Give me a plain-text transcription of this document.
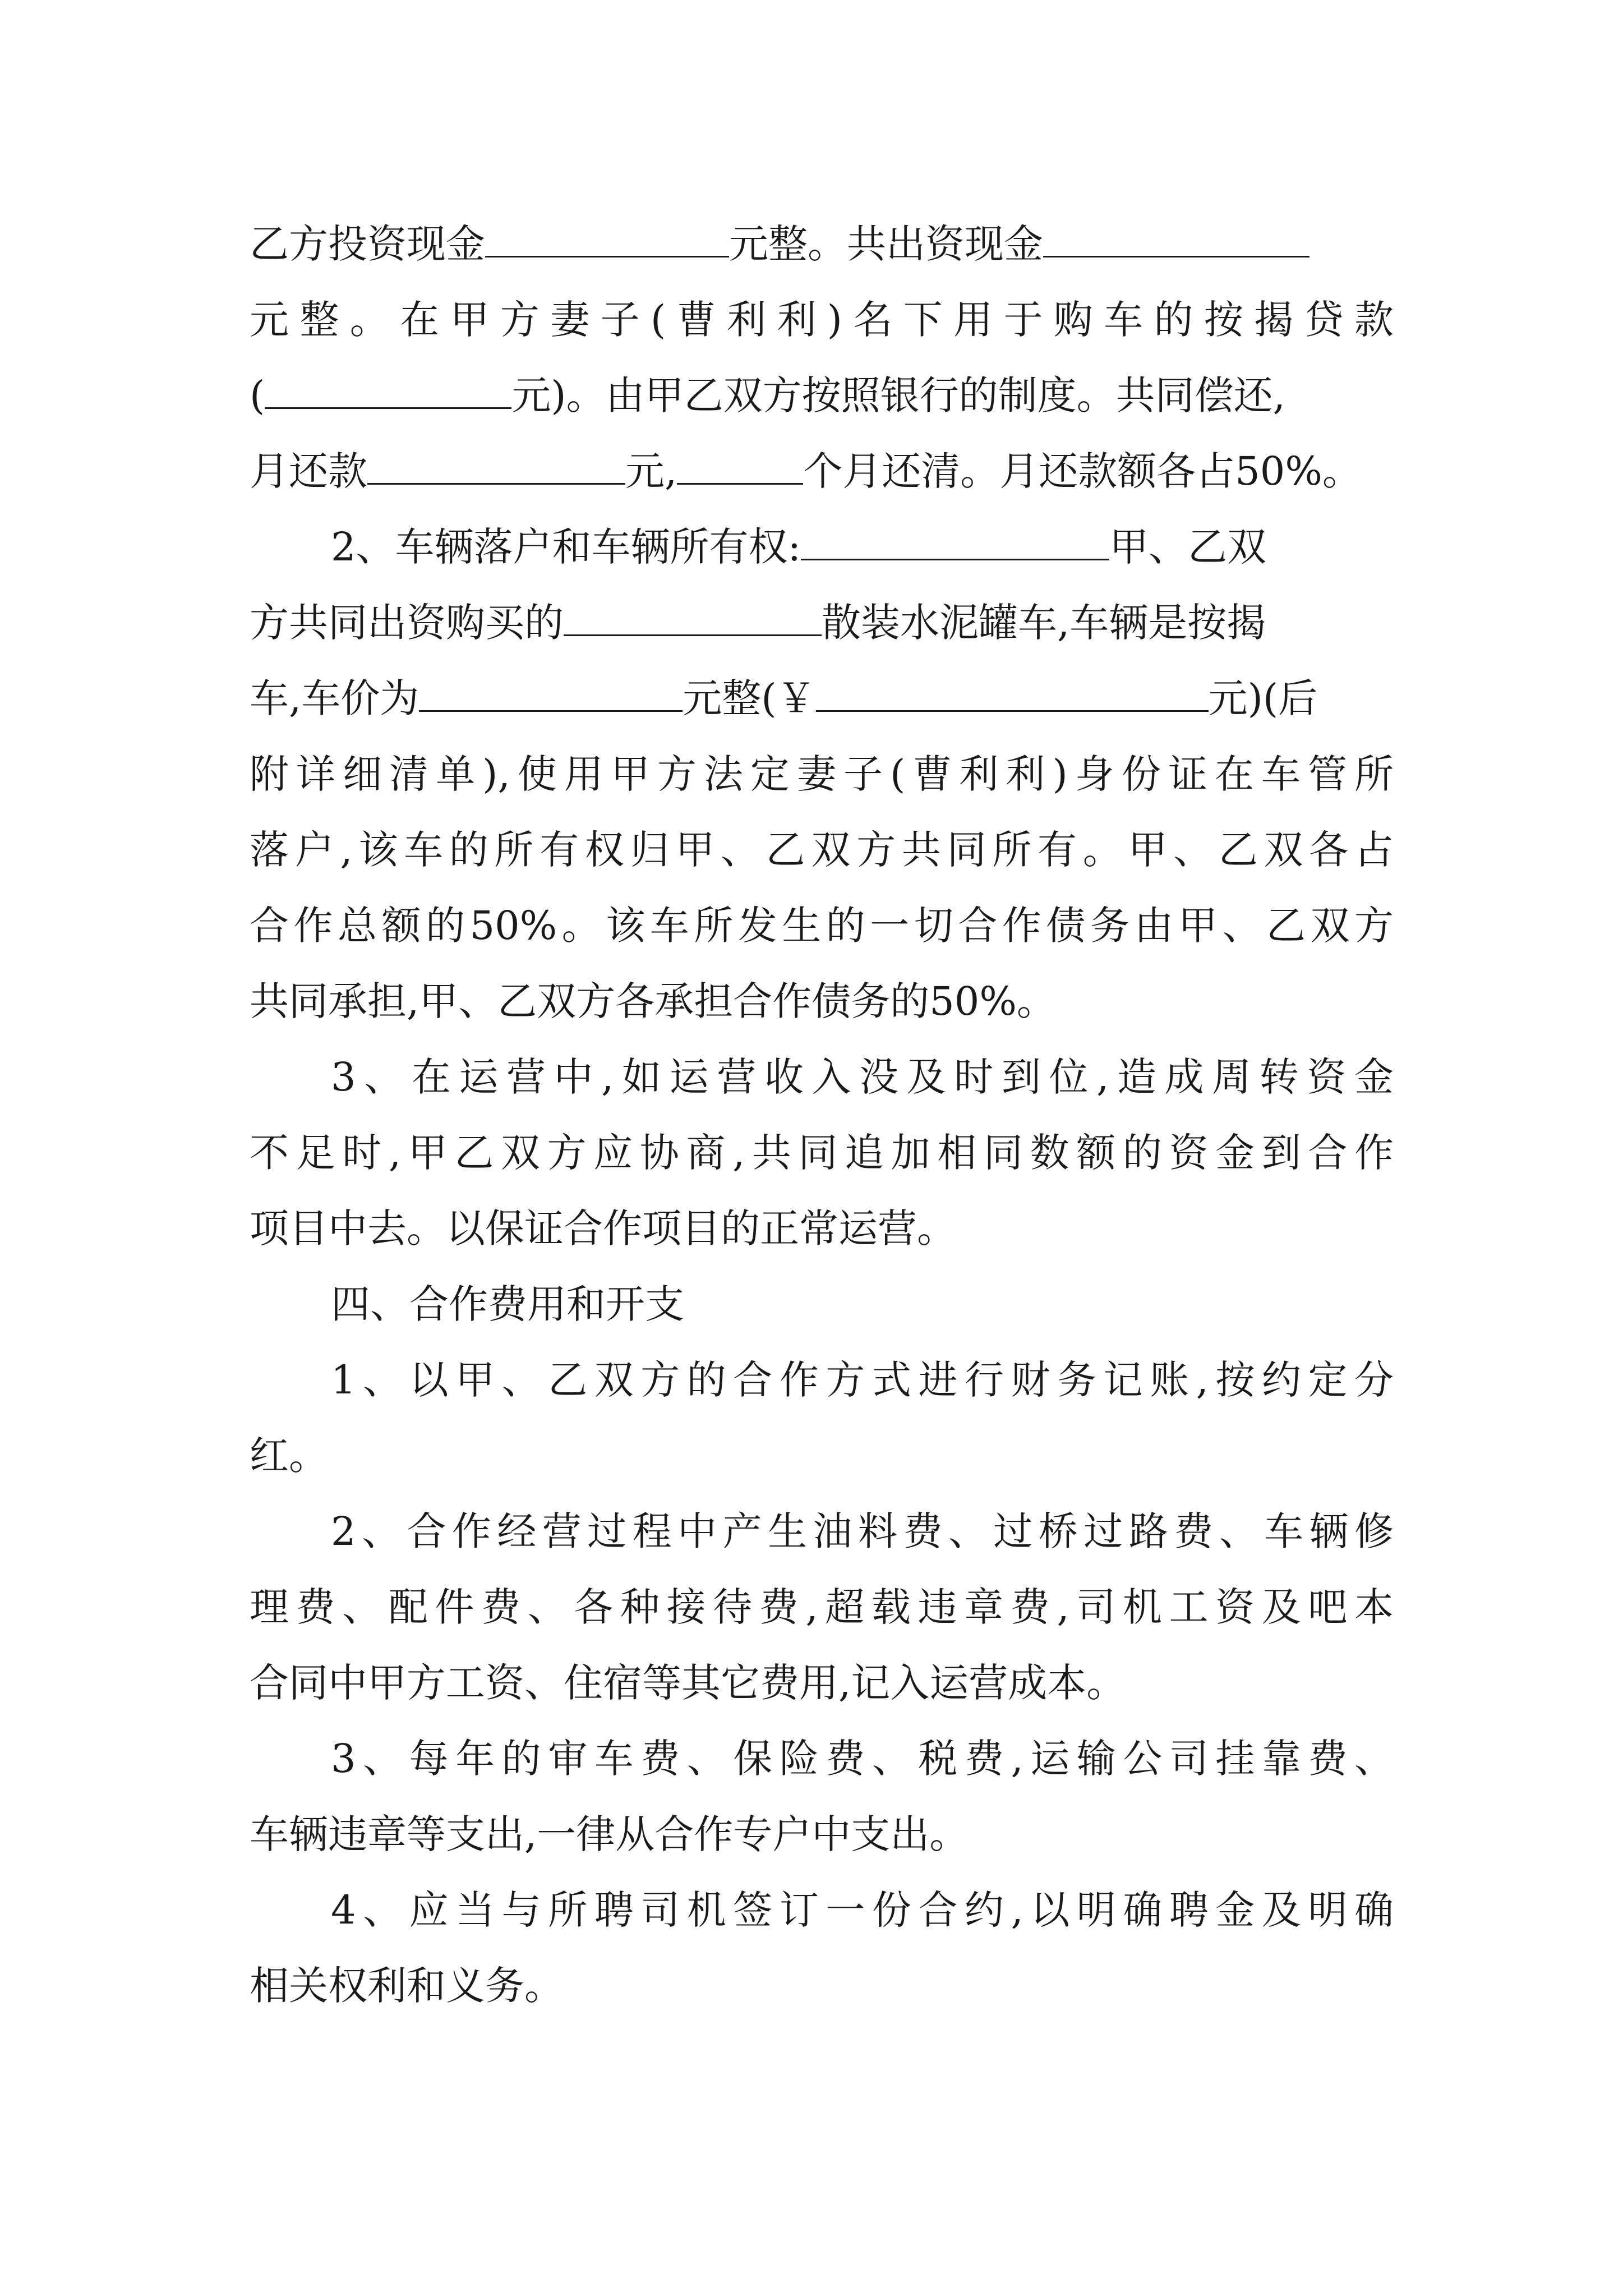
乙方投资现金	元整。共出资现金
元整。在甲方妻子(曹利利)名下用于购车的按揭贷款
(	元)。由甲乙双方按照银行的制度。共同偿还,
月还款	元,	个月还清。月还款额各占50%。
2、车辆落户和车辆所有权:	甲、乙双
方共同出资购买的	散装水泥罐车,车辆是按揭
车,车价为	元整(￥	元)(后
附详细清单),使用甲方法定妻子(曹利利)身份证在车管所
落户,该车的所有权归甲、乙双方共同所有。甲、乙双各占
合作总额的50%。该车所发生的一切合作债务由甲、乙双方
共同承担,甲、乙双方各承担合作债务的50%。
3、在运营中,如运营收入没及时到位,造成周转资金
不足时,甲乙双方应协商,共同追加相同数额的资金到合作
项目中去。以保证合作项目的正常运营。
四、合作费用和开支
1、以甲、乙双方的合作方式进行财务记账,按约定分
红。
2、合作经营过程中产生油料费、过桥过路费、车辆修
理费、配件费、各种接待费,超载违章费,司机工资及吧本
合同中甲方工资、住宿等其它费用,记入运营成本。
3、每年的审车费、保险费、税费,运输公司挂靠费、
车辆违章等支出,一律从合作专户中支出。
4、应当与所聘司机签订一份合约,以明确聘金及明确
相关权利和义务。
